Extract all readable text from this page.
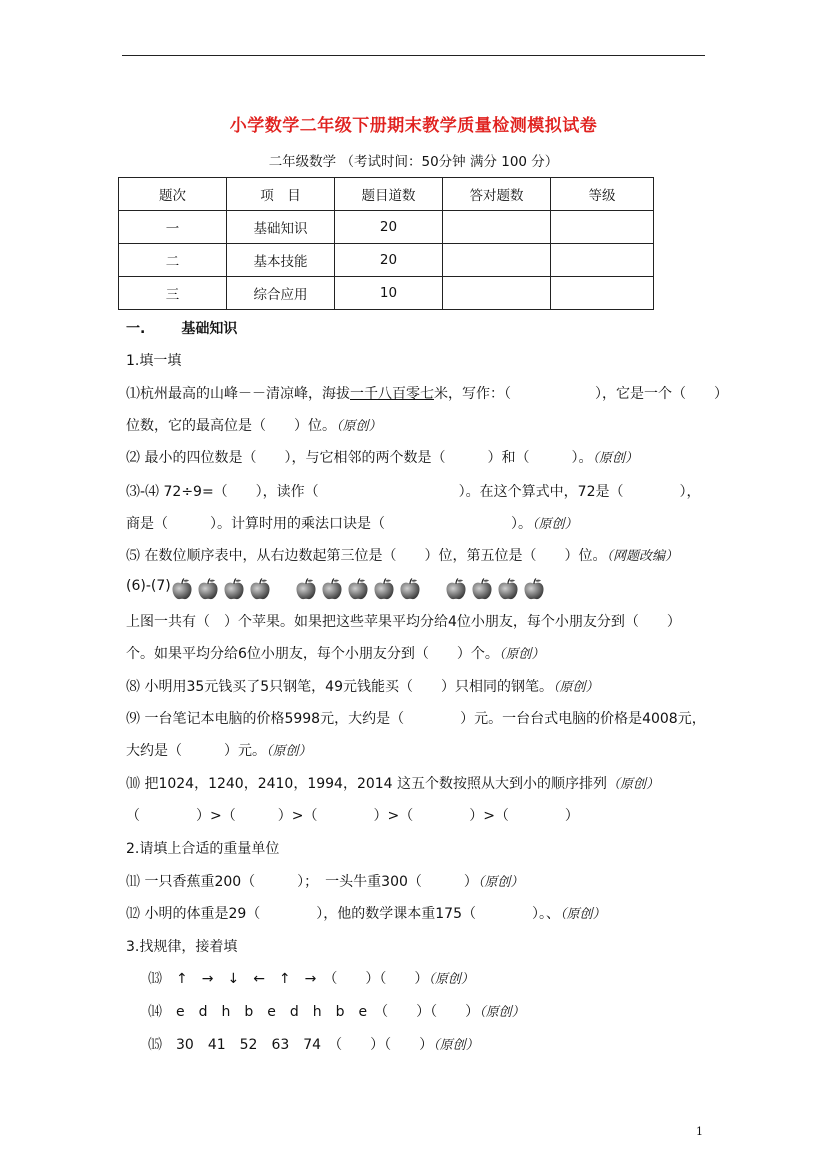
小学数学二年级下册期末教学质量检测模拟试卷
二年级数学 （考试时间：50分钟 满分 100 分）
题次	项　目	题目道数	答对题数	等级
一	基础知识	20		
二	基本技能	20		
三	综合应用	10		
一.	基础知识
1.填一填
⑴杭州最高的山峰－－清凉峰，海拔一千八百零七米，写作：（　　　　　　），它是一个（　　）
位数，它的最高位是（　　）位。（原创）
⑵ 最小的四位数是（　　），与它相邻的两个数是（　　　）和（　　　）。（原创）
⑶-⑷ 72÷9=（　　），读作（　　　　　　　　　　）。在这个算式中，72是（　　　　），
商是（　　　）。计算时用的乘法口诀是（　　　　　　　　　）。（原创）
⑸ 在数位顺序表中，从右边数起第三位是（　　）位，第五位是（　　）位。（网题改编）
(6)-(7)
上图一共有（　）个苹果。如果把这些苹果平均分给4位小朋友，每个小朋友分到（　　）
个。如果平均分给6位小朋友，每个小朋友分到（　　）个。（原创）
⑻ 小明用35元钱买了5只钢笔，49元钱能买（　　）只相同的钢笔。（原创）
⑼ 一台笔记本电脑的价格5998元，大约是（　　　　）元。一台台式电脑的价格是4008元，
大约是（　　　）元。（原创）
⑽ 把1024，1240，2410，1994，2014 这五个数按照从大到小的顺序排列（原创）
（　　　　）>（　　　）>（　　　　）>（　　　　）>（　　　　）
2.请填上合适的重量单位
⑾ 一只香蕉重200（　　　）；　一头牛重300（　　　）（原创）
⑿ 小明的体重是29（　　　　），他的数学课本重175（　　　　）。、（原创）
3.找规律，接着填
⒀　↑　→　↓　←　↑　→　（　　）（　　）（原创）
⒁　e　d　h　b　e　d　h　b　e　（　　）（　　）（原创）
⒂　30　41　52　63　74　（　　）（　　）（原创）
1
